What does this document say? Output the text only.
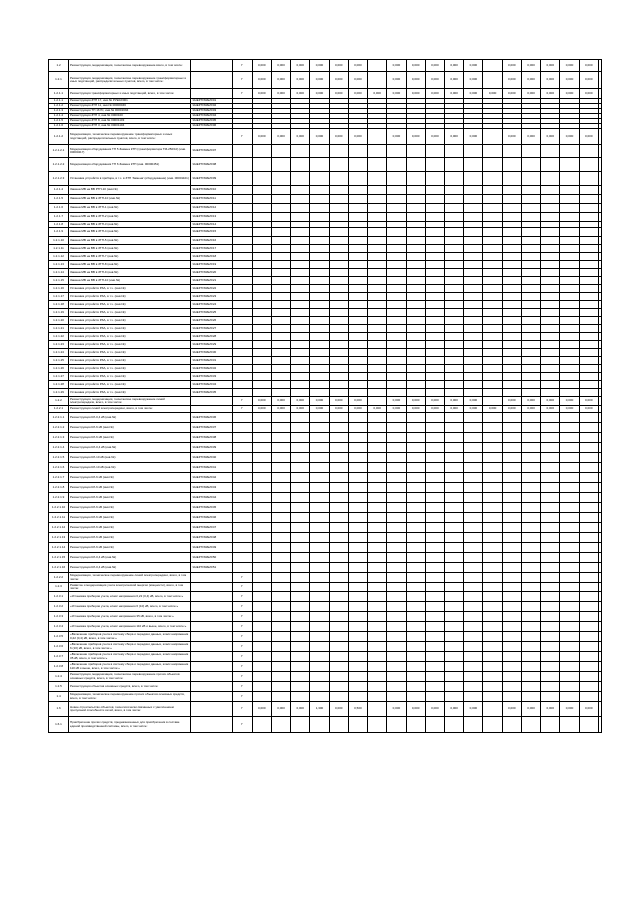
1.2	Реконструкция, модернизация, техническое перевооружение всего, в том числе:	Г	0,000	0,000	0,000	0,000	0,000	0,000	0,000	0,000	0,000	0,000	0,000	0,000	0,000	0,000	0,000	0,000
1.2.1	Реконструкция, модернизация, техническое перевооружение трансформаторных и иных подстанций, распределительных пунктов, всего, в том числе:	Г	0,000	0,000	0,000	0,000	0,000	0,000	0,000	0,000	0,000	0,000	0,000	0,000	0,000	0,000	0,000	0,000
1.2.1.1	Реконструкция трансформаторных и иных подстанций, всего, в том числе:	Г	0,000	0,000	0,000	0,000	0,000	0,000	0,000	0,000	0,000	0,000	0,000	0,000	0,000	0,000	0,000	0,000	0,000	0,000
1.2.1.1	Реконструкция ЗТП 17, инв.№ РУЕ02/001	ЭНЕРГИЯ/Е/0/01
1.2.1.2	Реконструкция ЗТП 11, инв.№ 00000046	ЭНЕРГИЯ/Е/0/02
1.2.1.3	Реконструкция ТП 16 Ю, инв.№ 00001694	ЭНЕРГИЯ/Е/0/03
1.2.1.4	Реконструкция ЗТП 4, инв.№ 0000100	ЭНЕРГИЯ/Е/0/04
1.2.1.5	Реконструкция ЗТП 8, инв.№ 00001103	ЭНЕРГИЯ/Е/0/05
1.2.1.6	Реконструкция ЗТП 3, инв.№ 00001104	ЭНЕРГИЯ/Е/0/06
1.2.1.2	Модернизация, техническое перевооружение трансформаторных и иных подстанций, распределительных пунктов, всего, в том числе:	Г	0,000	0,000	0,000	0,000	0,000	0,000	0,000	0,000	0,000	0,000	0,000	0,000	0,000	0,000	0,000	0,000
1.2.1.2.1	Модернизация оборудования ТП 5 Замена КТП (трансформатора ТМ-250/10) (инв. 00000417)	ЭНЕРГИЯ/Е/0/07
1.2.1.2.2	Модернизация оборудования ТП 6 Замена КТП (инв. 00000451)	ЭНЕРГИЯ/Е/0/08
1.2.1.2.3	Установка устройств в прибора, в т.ч. в ЗТП 'Замена' (оборудование) (инв. 00001101)	ЭНЕРГИЯ/Е/0/09
1.2.1.4	Замена МВ на ВВ РТП-10 (инв.№)	ЭНЕРГИЯ/Е/0/10
1.2.1.5	Замена МВ на ВВ в ЗТП-10 (инв.№)	ЭНЕРГИЯ/Е/0/11
1.2.1.6	Замена МВ на ВВ в ЗТП-1 (инв.№)	ЭНЕРГИЯ/Е/0/12
1.2.1.7	Замена МВ на ВВ в ЗТП-2 (инв.№)	ЭНЕРГИЯ/Е/0/13
1.2.1.8	Замена МВ на ВВ в ЗТП-3 (инв.№)	ЭНЕРГИЯ/Е/0/14
1.2.1.9	Замена МВ на ВВ в ЗТП-4 (инв.№)	ЭНЕРГИЯ/Е/0/15
1.2.1.10	Замена МВ на ВВ в ЗТП-5 (инв.№)	ЭНЕРГИЯ/Е/0/16
1.2.1.11	Замена МВ на ВВ в ЗТП-6 (инв.№)	ЭНЕРГИЯ/Е/0/17
1.2.1.12	Замена МВ на ВВ в ЗТП-7 (инв.№)	ЭНЕРГИЯ/Е/0/18
1.2.1.13	Замена МВ на ВВ в ЗТП-8 (инв.№)	ЭНЕРГИЯ/Е/0/19
1.2.1.14	Замена МВ на ВВ в ЗТП-9 (инв.№)	ЭНЕРГИЯ/Е/0/20
1.2.1.15	Замена МВ на ВВ в ЗТП-10 (инв.№)	ЭНЕРГИЯ/Е/0/21
1.2.1.16	Установка устройств РЗА, в т.ч. (инв.№)	ЭНЕРГИЯ/Е/0/22
1.2.1.17	Установка устройств РЗА, в т.ч. (инв.№)	ЭНЕРГИЯ/Е/0/23
1.2.1.18	Установка устройств РЗА, в т.ч. (инв.№)	ЭНЕРГИЯ/Е/0/24
1.2.1.19	Установка устройств РЗА, в т.ч. (инв.№)	ЭНЕРГИЯ/Е/0/25
1.2.1.20	Установка устройств РЗА, в т.ч. (инв.№)	ЭНЕРГИЯ/Е/0/26
1.2.1.21	Установка устройств РЗА, в т.ч. (инв.№)	ЭНЕРГИЯ/Е/0/27
1.2.1.22	Установка устройств РЗА, в т.ч. (инв.№)	ЭНЕРГИЯ/Е/0/28
1.2.1.23	Установка устройств РЗА, в т.ч. (инв.№)	ЭНЕРГИЯ/Е/0/29
1.2.1.24	Установка устройств РЗА, в т.ч. (инв.№)	ЭНЕРГИЯ/Е/0/30
1.2.1.25	Установка устройств РЗА, в т.ч. (инв.№)	ЭНЕРГИЯ/Е/0/31
1.2.1.26	Установка устройств РЗА, в т.ч. (инв.№)	ЭНЕРГИЯ/Е/0/32
1.2.1.27	Установка устройств РЗА, в т.ч. (инв.№)	ЭНЕРГИЯ/Е/0/33
1.2.1.28	Установка устройств РЗА, в т.ч. (инв.№)	ЭНЕРГИЯ/Е/0/34
1.2.1.29	Установка устройств РЗА, в т.ч. (инв.№)	ЭНЕРГИЯ/Е/0/35
1.2.2	Реконструкция, модернизация, техническое перевооружение линий электропередачи, всего, в том числе:	Г	0,000	0,000	0,000	0,000	0,000	0,000	0,000	0,000	0,000	0,000	0,000	0,000	0,000	0,000	0,000	0,000
1.2.2.1	Реконструкция линий электропередачи, всего, в том числе:	Г	0,000	0,000	0,000	0,000	0,000	0,000	0,000	0,000	0,000	0,000	0,000	0,000	0,000	0,000	0,000	0,000	0,000	0,000
1.2.2.1.1	Реконструкция КЛ-0,4 кВ (инв.№)	ЭНЕРГИЯ/Е/0/36
1.2.2.1.2	Реконструкция КЛ-6 кВ (инв.№)	ЭНЕРГИЯ/Е/0/37
1.2.2.1.3	Реконструкция КЛ-6 кВ (инв.№)	ЭНЕРГИЯ/Е/0/38
1.2.2.1.4	Реконструкция КЛ-0,4 кВ (инв.№)	ЭНЕРГИЯ/Е/0/39
1.2.2.1.5	Реконструкция КЛ-10 кВ (инв.№)	ЭНЕРГИЯ/Е/0/40
1.2.2.1.6	Реконструкция КЛ-10 кВ (инв.№)	ЭНЕРГИЯ/Е/0/41
1.2.2.1.7	Реконструкция КЛ-6 кВ (инв.№)	ЭНЕРГИЯ/Е/0/42
1.2.2.1.8	Реконструкция КЛ-6 кВ (инв.№)	ЭНЕРГИЯ/Е/0/43
1.2.2.1.9	Реконструкция КЛ-6 кВ (инв.№)	ЭНЕРГИЯ/Е/0/44
1.2.2.1.10	Реконструкция КЛ-6 кВ (инв.№)	ЭНЕРГИЯ/Е/0/45
1.2.2.1.11	Реконструкция КЛ-6 кВ (инв.№)	ЭНЕРГИЯ/Е/0/46
1.2.2.1.12	Реконструкция КЛ-6 кВ (инв.№)	ЭНЕРГИЯ/Е/0/47
1.2.2.1.13	Реконструкция КЛ-6 кВ (инв.№)	ЭНЕРГИЯ/Е/0/48
1.2.2.1.14	Реконструкция КЛ-6 кВ (инв.№)	ЭНЕРГИЯ/Е/0/49
1.2.2.1.15	Реконструкция КЛ-0,4 кВ (инв.№)	ЭНЕРГИЯ/Е/0/50
1.2.2.1.16	Реконструкция КЛ-0,4 кВ (инв.№)	ЭНЕРГИЯ/Е/0/51
1.2.2.2	Модернизация, техническое перевооружение линий электропередачи, всего, в том числе:	Г
1.2.3	Развитие и модернизация учета электрической энергии (мощности), всего, в том числе:	Г
1.2.3.1	«Установка приборов учета, класс напряжения 0,22 (0,4) кВ, всего, в том числе:»	Г
1.2.3.2	«Установка приборов учета, класс напряжения 6 (10) кВ, всего, в том числе:»	Г
1.2.3.3	«Установка приборов учета, класс напряжения 35 кВ, всего, в том числе:»	Г
1.2.3.4	«Установка приборов учета, класс напряжения 110 кВ и выше, всего, в том числе:»	Г
1.2.3.5	«Включение приборов учета в систему сбора и передачи данных, класс напряжения 0,22 (0,4) кВ, всего, в том числе:»	Г
1.2.3.6	«Включение приборов учета в систему сбора и передачи данных, класс напряжения 6 (10) кВ, всего, в том числе:»	Г
1.2.3.7	«Включение приборов учета в систему сбора и передачи данных, класс напряжения 35 кВ, всего, в том числе:»	Г
1.2.3.8	«Включение приборов учета в систему сбора и передачи данных, класс напряжения 110 кВ и выше, всего, в том числе:»	Г
1.2.4	Реконструкция, модернизация, техническое перевооружение прочих объектов основных средств, всего, в том числе:	Г
1.2.5	Реконструкция объектов основных средств, всего, в том числе:	Г
1.4	Модернизация, техническое перевооружение прочих объектов основных средств, всего, в том числе:	Г
1.6	Новое строительство объектов, технологически связанных с увеличением пропускной способности сетей, всего, в том числе:	Г	0,000	0,000	0,000	1,300	0,000	0,500	0,000	0,000	0,000	0,000	0,000	0,000	0,000	0,000	0,000	0,000
1.6.1	Приобретение прочих средств, предназначенных для приобретения в составе единой производственной системы, всего, в том числе:	Г
